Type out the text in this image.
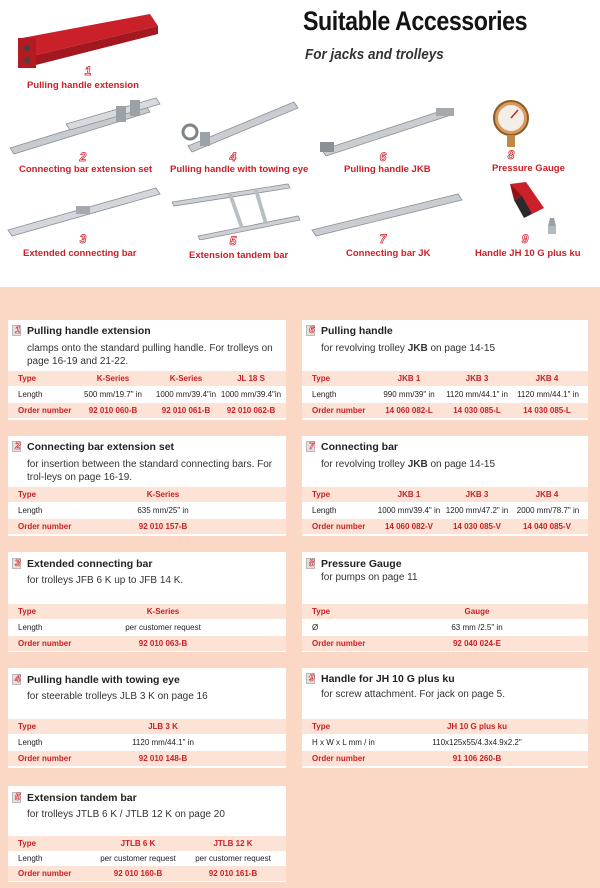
Suitable Accessories
For jacks and trolleys
1
Pulling handle extension
2
Connecting bar extension set
4
Pulling handle with towing eye
6
Pulling handle JKB
8
Pressure Gauge
3
Extended connecting bar
5
Extension tandem bar
7
Connecting bar JK
9
Handle JH 10 G plus ku
1 Pulling handle extension
clamps onto the standard pulling handle. For trolleys on page 16-19 and 21-22.
Type	K-Series	K-Series	JL 18 S
Length	500 mm/19.7" in	1000 mm/39.4"in 1000 mm/39.4"in
Order number	92 010 060-B	92 010 061-B	92 010 062-B
2 Connecting bar extension set
for insertion between the standard connecting bars. For trol-leys on page 16-19.
Type	K-Series
Length	635 mm/25" in
Order number	92 010 157-B
3 Extended connecting bar
for trolleys JFB 6 K up to JFB 14 K.
Type	K-Series
Length	per customer request
Order number	92 010 063-B
4 Pulling handle with towing eye
for steerable trolleys JLB 3 K on page 16
Type	JLB 3 K
Length	1120 mm/44.1" in
Order number	92 010 148-B
5 Extension tandem bar
for trolleys JTLB 6 K / JTLB 12 K on page 20
Type	JTLB 6 K	JTLB 12 K
Length	per customer request	per customer request
Order number	92 010 160-B	92 010 161-B
6 Pulling handle
for revolving trolley JKB on page 14-15
Type	JKB 1	JKB 3	JKB 4
Length	990 mm/39" in	1120 mm/44.1" in	1120 mm/44.1" in
Order number	14 060 082-L	14 030 085-L	14 030 085-L
7 Connecting bar
for revolving trolley JKB on page 14-15
Type	JKB 1	JKB 3	JKB 4
Length	1000 mm/39.4" in 1200 mm/47.2" in	2000 mm/78.7" in
Order number	14 060 082-V	14 030 085-V	14 040 085-V
8 Pressure Gauge
for pumps on page 11
Type	Gauge
Ø	63 mm /2.5" in
Order number	92 040 024-E
9 Handle for JH 10 G plus ku
for screw attachment. For jack on page 5.
Type	JH 10 G plus ku
H x W x L mm / in	110x125x55/4.3x4.9x2.2"
Order number	91 106 260-B
